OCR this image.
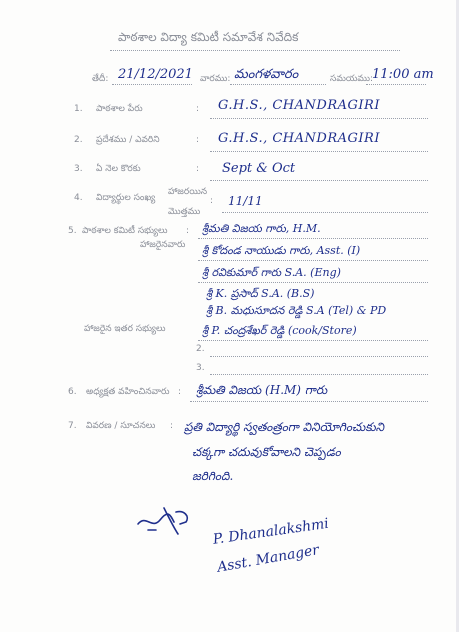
పాఠశాల విద్యా కమిటీ సమావేశ నివేదిక
తేదీ: 21/12/2021 వారము: మంగళవారం	సమయము:
11:00 am
1. పాఠశాల పేరు	: G.H.S., CHANDRAGIRI
2. ప్రదేశము / ఎవరిని	: G.H.S., CHANDRAGIRI
3. ఏ నెల కొరకు	: Sept & Oct
4. విద్యార్థుల సంఖ్య
హాజరయిన
మొత్తము
: 11/11
5. పాఠశాల కమిటీ సభ్యులు
హాజరైనవారు
: శ్రీమతి విజయ గారు, H.M.
శ్రీ కోదండ నాయుడు గారు, Asst. (I)
శ్రీ రవికుమార్ గారు S.A. (Eng)
శ్రీ K. ప్రసాద్ S.A. (B.S)
శ్రీ B. మధుసూదన రెడ్డి S.A (Tel) & PD
శ్రీ P. చంద్రశేఖర్ రెడ్డి (cook/Store)
హాజరైన ఇతర సభ్యులు
2.
3.
6. అధ్యక్షత వహించినవారు : శ్రీమతి విజయ (H.M) గారు
7. వివరణ / సూచనలు : ప్రతి విద్యార్థి స్వతంత్రంగా వినియోగించుకుని
చక్కగా చదువుకోవాలని చెప్పడం
జరిగింది.
P. Dhanalakshmi
Asst. Manager
